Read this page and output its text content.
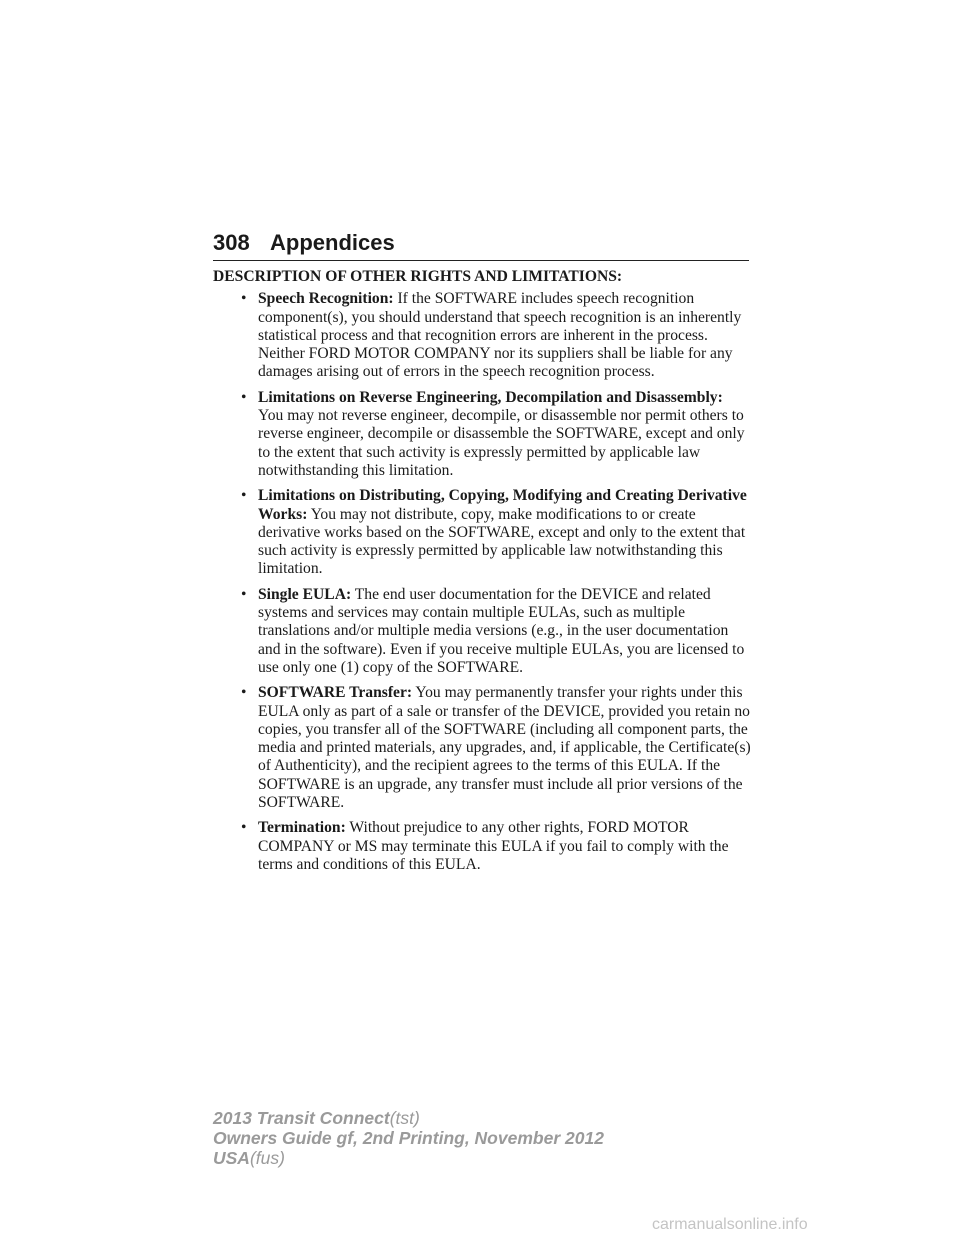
308 Appendices
DESCRIPTION OF OTHER RIGHTS AND LIMITATIONS:
• Speech Recognition: If the SOFTWARE includes speech recognition component(s), you should understand that speech recognition is an inherently statistical process and that recognition errors are inherent in the process. Neither FORD MOTOR COMPANY nor its suppliers shall be liable for any damages arising out of errors in the speech recognition process.
• Limitations on Reverse Engineering, Decompilation and Disassembly: You may not reverse engineer, decompile, or disassemble nor permit others to reverse engineer, decompile or disassemble the SOFTWARE, except and only to the extent that such activity is expressly permitted by applicable law notwithstanding this limitation.
• Limitations on Distributing, Copying, Modifying and Creating Derivative Works: You may not distribute, copy, make modifications to or create derivative works based on the SOFTWARE, except and only to the extent that such activity is expressly permitted by applicable law notwithstanding this limitation.
• Single EULA: The end user documentation for the DEVICE and related systems and services may contain multiple EULAs, such as multiple translations and/or multiple media versions (e.g., in the user documentation and in the software). Even if you receive multiple EULAs, you are licensed to use only one (1) copy of the SOFTWARE.
• SOFTWARE Transfer: You may permanently transfer your rights under this EULA only as part of a sale or transfer of the DEVICE, provided you retain no copies, you transfer all of the SOFTWARE (including all component parts, the media and printed materials, any upgrades, and, if applicable, the Certificate(s) of Authenticity), and the recipient agrees to the terms of this EULA. If the SOFTWARE is an upgrade, any transfer must include all prior versions of the SOFTWARE.
• Termination: Without prejudice to any other rights, FORD MOTOR COMPANY or MS may terminate this EULA if you fail to comply with the terms and conditions of this EULA.
2013 Transit Connect(tst)
Owners Guide gf, 2nd Printing, November 2012
USA(fus)
carmanualsonline.info
